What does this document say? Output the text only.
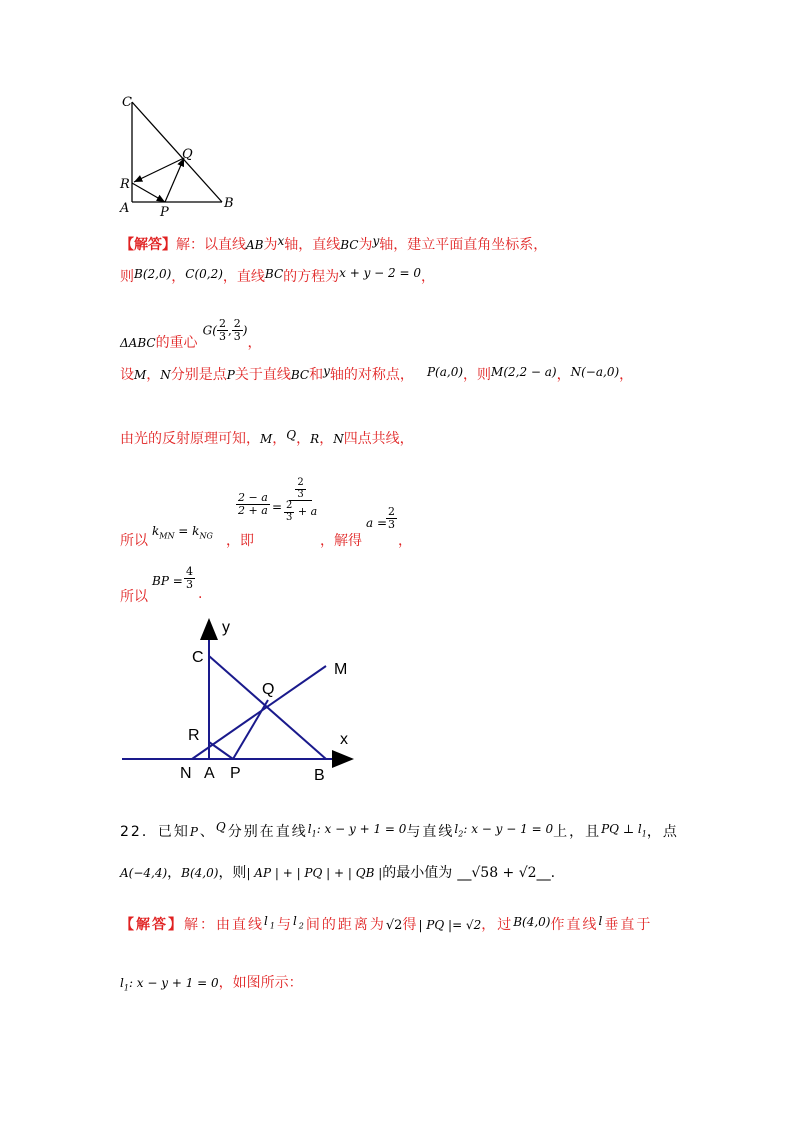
C
Q
R
A P
B
【解答】解：以直线AB为$^x$轴，直线BC为$^y$轴，建立平面直角坐标系，
则B(2,0)，C(0,2)，直线BC的方程为$^{x + y - 2 = 0}$，
$_{\Delta ABC}$的重心 $G( \frac{2}{3}$ , $\frac{2}{3}$ )，
设M，N分别是点P关于直线BC和$^y$轴的对称点， P(a,0)，则M(2,2 − a)，N(−a,0)，
由光的反射原理可知，M，$^Q$，R，N四点共线，
所以
$k_{MN} = k_{NG}$ ，即
$\frac{2 - a}{2 + a} = \frac{\frac{2}{3}}{\frac{2}{3} + a}$
，解得
a =
$\frac{2}{3}$
，
所以
BP = $\frac{4}{3}$
.
y
C
M
Q
R	x
N A P	B
22．已知P、$^Q$分别在直线$l_1$: x − y + 1 = 0与直线$l_2$: x − y − 1 = 0上，且PQ ⊥ $l_1$，点
A(−4,4)，B(4,0)，则| AP | + | PQ | + | QB |的最小值为 __√58 + √2__.
【解答】解：由直线$^{l_1}$与$^{l_2}$间的距离为√2得| PQ |= √2，过B(4,0)作直线$^l$垂直于
$l_1$: x − y + 1 = 0，如图所示：
